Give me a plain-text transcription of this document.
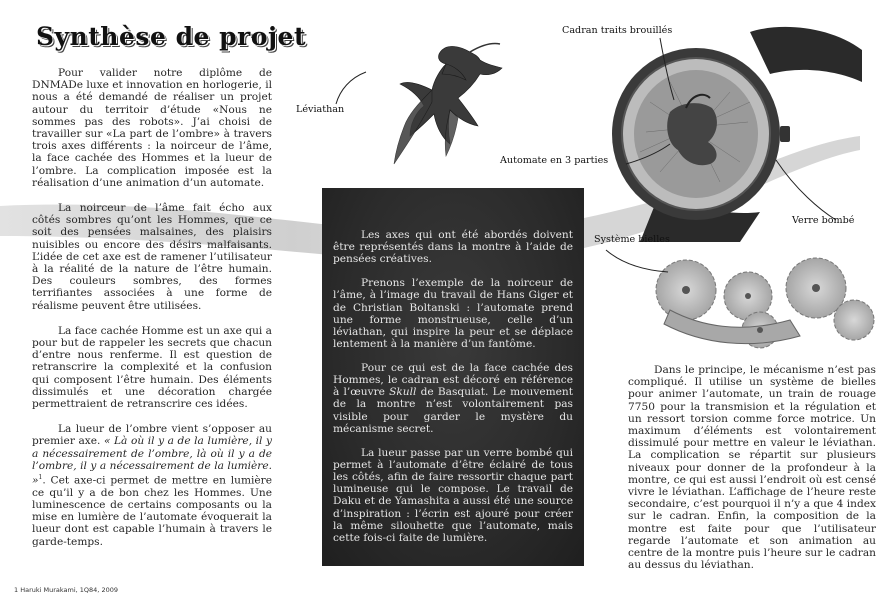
Synthèse de projet

Pour valider notre diplôme de DNMADe luxe et innovation en horlogerie, il nous a été demandé de réaliser un projet autour du territoir d’étude «Nous ne sommes pas des robots». J’ai choisi de travailler sur «La part de l’ombre» à travers trois axes différents : la noirceur de l’âme, la face cachée des Hommes et la lueur de l’ombre. La complication imposée est la réalisation d’une animation d’un automate.

La noirceur de l’âme fait écho aux côtés sombres qu’ont les Hommes, que ce soit des pensées malsaines, des plaisirs nuisibles ou encore des désirs malfaisants. L’idée de cet axe est de ramener l’utilisateur à la réalité de la nature de l’être humain. Des couleurs sombres, des formes terrifiantes associées à une forme de réalisme peuvent être utilisées.

La face cachée Homme est un axe qui a pour but de rappeler les secrets que chacun d’entre nous renferme. Il est question de retranscrire la complexité et la confusion qui composent l’être humain. Des éléments dissimulés et une décoration chargée permettraient de retranscrire ces idées.

La lueur de l’ombre vient s’opposer au premier axe. « Là où il y a de la lumière, il y a nécessairement de l’ombre, là où il y a de l’ombre, il y a nécessairement de la lumière. »$^1$. Cet axe-ci permet de mettre en lumière ce qu’il y a de bon chez les Hommes. Une luminescence de certains composants ou la mise en lumière de l’automate évoquerait la lueur dont est capable l’humain à travers le garde-temps.

Les axes qui ont été abordés doivent être représentés dans la montre à l’aide de pensées créatives.

Prenons l’exemple de la noirceur de l’âme, à l’image du travail de Hans Giger et de Christian Boltanski : l’automate prend une forme monstrueuse, celle d’un léviathan, qui inspire la peur et se déplace lentement à la manière d’un fantôme.

Pour ce qui est de la face cachée des Hommes, le cadran est décoré en référence à l’œuvre Skull de Basquiat. Le mouvement de la montre n’est volontairement pas visible pour garder le mystère du mécanisme secret.

La lueur passe par un verre bombé qui permet à l’automate d’être éclairé de tous les côtés, afin de faire ressortir chaque part lumineuse qui le compose. Le travail de Daku et de Yamashita a aussi été une source d’inspiration : l’écrin est ajouré pour créer la même silouhette que l’automate, mais cette fois-ci faite de lumière.

Dans le principe, le mécanisme n’est pas compliqué. Il utilise un système de bielles pour animer l’automate, un train de rouage 7750 pour la transmision et la régulation et un ressort torsion comme force motrice. Un maximum d’éléments est volontairement dissimulé pour mettre en valeur le léviathan. La complication se répartit sur plusieurs niveaux pour donner de la profondeur à la montre, ce qui est aussi l’endroit où est censé vivre le léviathan. L’affichage de l’heure reste secondaire, c’est pourquoi il n’y a que 4 index sur le cadran. Enfin, la composition de la montre est faite pour que l’utilisateur regarde l’automate et son animation au centre de la montre puis l’heure sur le cadran au dessus du léviathan.

1 Haruki Murakami, 1Q84, 2009
Léviathan
Cadran traits brouillés
Automate en 3 parties
Verre bombé
Système bielles
